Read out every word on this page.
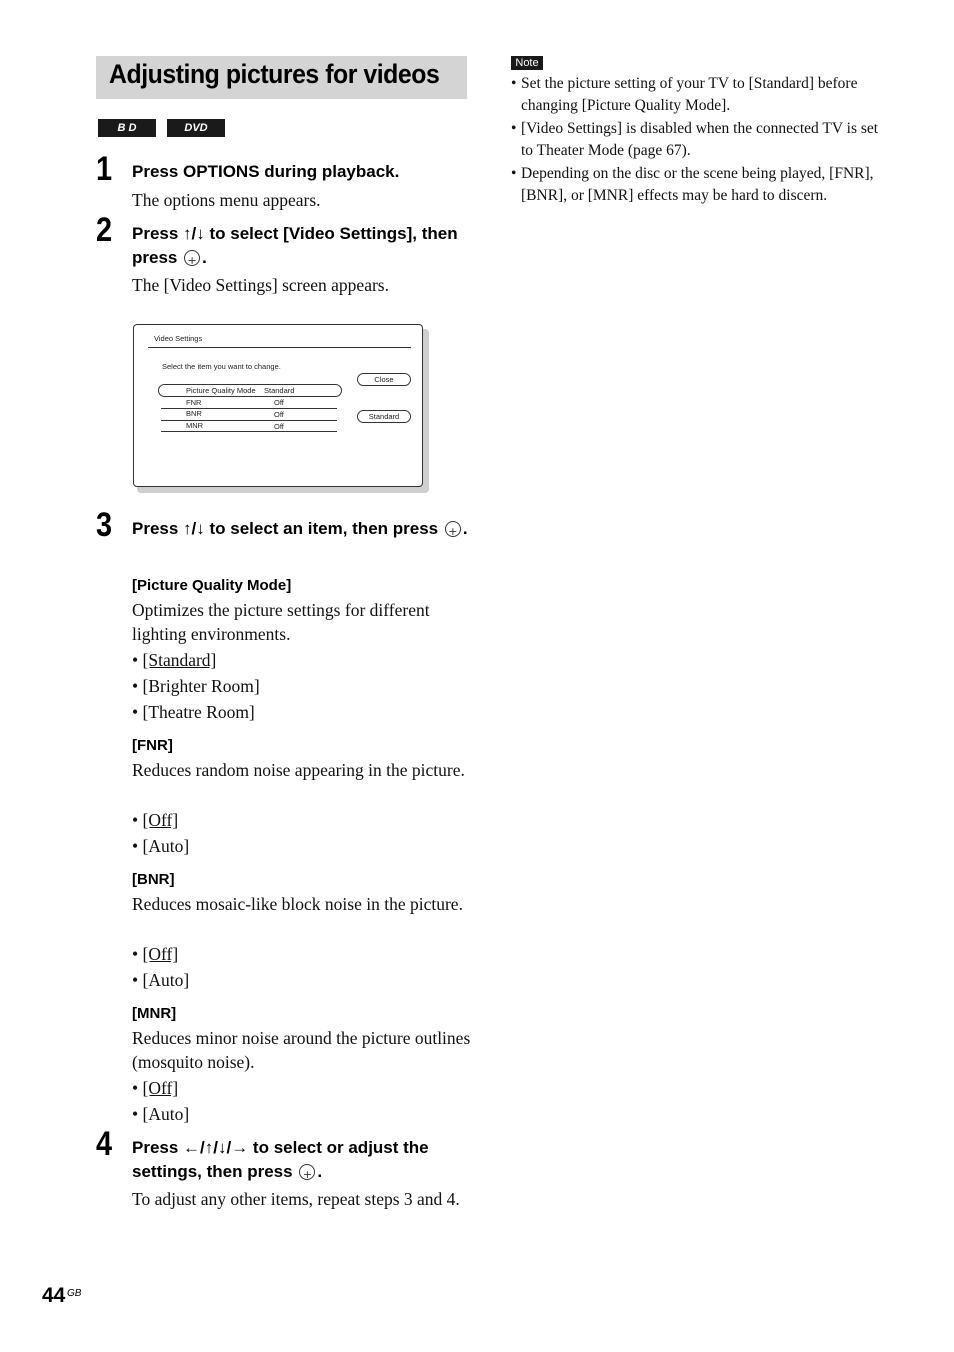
Adjusting pictures for videos
B D	DVD
1 Press OPTIONS during playback.
The options menu appears.
2 Press ↑/↓ to select [Video Settings], then press + .
The [Video Settings] screen appears.
Video Settings
Select the item you want to change.
Picture Quality Mode Standard
FNR	Off
BNR	Off
MNR	Off
Close
Standard
3 Press ↑/↓ to select an item, then press + .
[Picture Quality Mode]
Optimizes the picture settings for different lighting environments.
• [Standard]
• [Brighter Room]
• [Theatre Room]
[FNR]
Reduces random noise appearing in the picture.
• [Off]
• [Auto]
[BNR]
Reduces mosaic-like block noise in the picture.
• [Off]
• [Auto]
[MNR]
Reduces minor noise around the picture outlines (mosquito noise).
• [Off]
• [Auto]
4 Press ←/↑/↓/→ to select or adjust the settings, then press + .
To adjust any other items, repeat steps 3 and 4.
Note
• Set the picture setting of your TV to [Standard] before changing [Picture Quality Mode].
• [Video Settings] is disabled when the connected TV is set to Theater Mode (page 67).
• Depending on the disc or the scene being played, [FNR], [BNR], or [MNR] effects may be hard to discern.
44 GB
